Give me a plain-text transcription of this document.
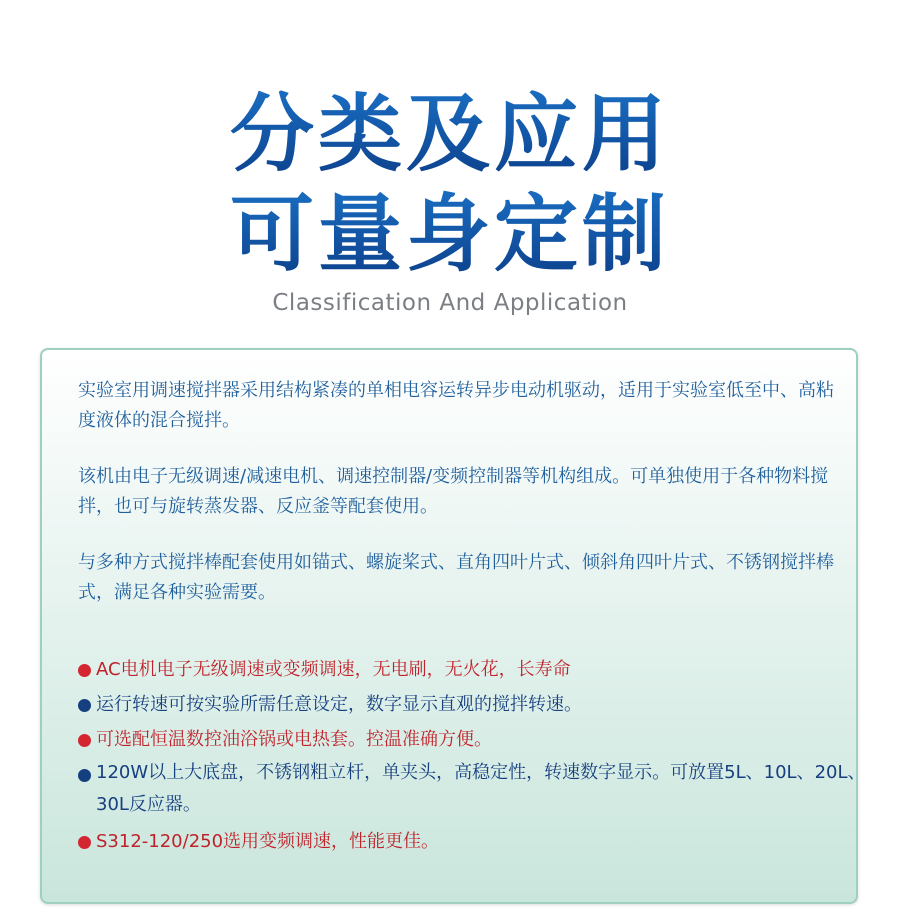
分类及应用
可量身定制
Classification And Application
实验室用调速搅拌器采用结构紧凑的单相电容运转异步电动机驱动，适用于实验室低至中、高粘度液体的混合搅拌。
该机由电子无级调速/减速电机、调速控制器/变频控制器等机构组成。可单独使用于各种物料搅拌，也可与旋转蒸发器、反应釜等配套使用。
与多种方式搅拌棒配套使用如锚式、螺旋桨式、直角四叶片式、倾斜角四叶片式、不锈钢搅拌棒式，满足各种实验需要。
AC电机电子无级调速或变频调速，无电刷，无火花，长寿命
运行转速可按实验所需任意设定，数字显示直观的搅拌转速。
可选配恒温数控油浴锅或电热套。控温准确方便。
120W以上大底盘，不锈钢粗立杆，单夹头，高稳定性，转速数字显示。可放置5L、10L、20L、30L反应器。
S312-120/250选用变频调速，性能更佳。
